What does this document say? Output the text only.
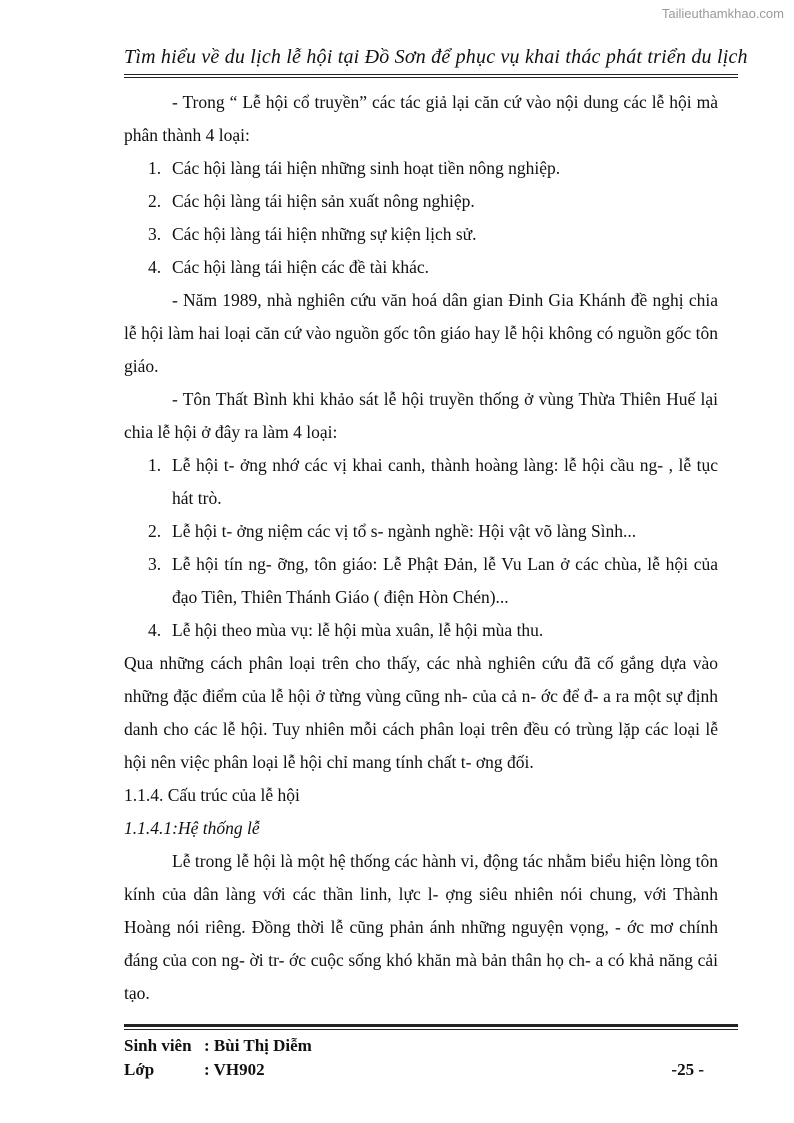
Tailieuthamkhao.com
Tìm hiểu về du lịch lễ hội tại Đồ Sơn để phục vụ khai thác phát triển du lịch

- Trong “ Lễ hội cổ truyền” các tác giả lại căn cứ vào nội dung các lễ hội mà phân thành 4 loại:

1. Các hội làng tái hiện những sinh hoạt tiền nông nghiệp.
2. Các hội làng tái hiện sản xuất nông nghiệp.
3. Các hội làng tái hiện những sự kiện lịch sử.
4. Các hội làng tái hiện các đề tài khác.

- Năm 1989, nhà nghiên cứu văn hoá dân gian Đinh Gia Khánh đề nghị chia lễ hội làm hai loại căn cứ vào nguồn gốc tôn giáo hay lễ hội không có nguồn gốc tôn giáo.

- Tôn Thất Bình khi khảo sát lễ hội truyền thống ở vùng Thừa Thiên Huế lại chia lễ hội ở đây ra làm 4 loại:

1. Lễ hội t- ởng nhớ các vị khai canh, thành hoàng làng: lễ hội cầu ng- , lễ tục hát trò.
2. Lễ hội t- ởng niệm các vị tổ s- ngành nghề: Hội vật võ làng Sình...
3. Lễ hội tín ng- ỡng, tôn giáo: Lễ Phật Đản, lễ Vu Lan ở các chùa, lễ hội của đạo Tiên, Thiên Thánh Giáo ( điện Hòn Chén)...
4. Lễ hội theo mùa vụ: lễ hội mùa xuân, lễ hội mùa thu.

Qua những cách phân loại trên cho thấy, các nhà nghiên cứu đã cố gắng dựa vào những đặc điểm của lễ hội ở từng vùng cũng nh- của cả n- ớc để đ- a ra một sự định danh cho các lễ hội. Tuy nhiên mỗi cách phân loại trên đều có trùng lặp các loại lễ hội nên việc phân loại lễ hội chỉ mang tính chất t- ơng đối.

1.1.4. Cấu trúc của lễ hội

1.1.4.1:Hệ thống lễ

Lễ trong lễ hội là một hệ thống các hành vi, động tác nhằm biểu hiện lòng tôn kính của dân làng với các thần linh, lực l- ợng siêu nhiên nói chung, với Thành Hoàng nói riêng. Đồng thời lễ cũng phản ánh những nguyện vọng, - ớc mơ chính đáng của con ng- ời tr- ớc cuộc sống khó khăn mà bản thân họ ch- a có khả năng cải tạo.

Sinh viên : Bùi Thị Diễm
Lớp	: VH902	-25 -
